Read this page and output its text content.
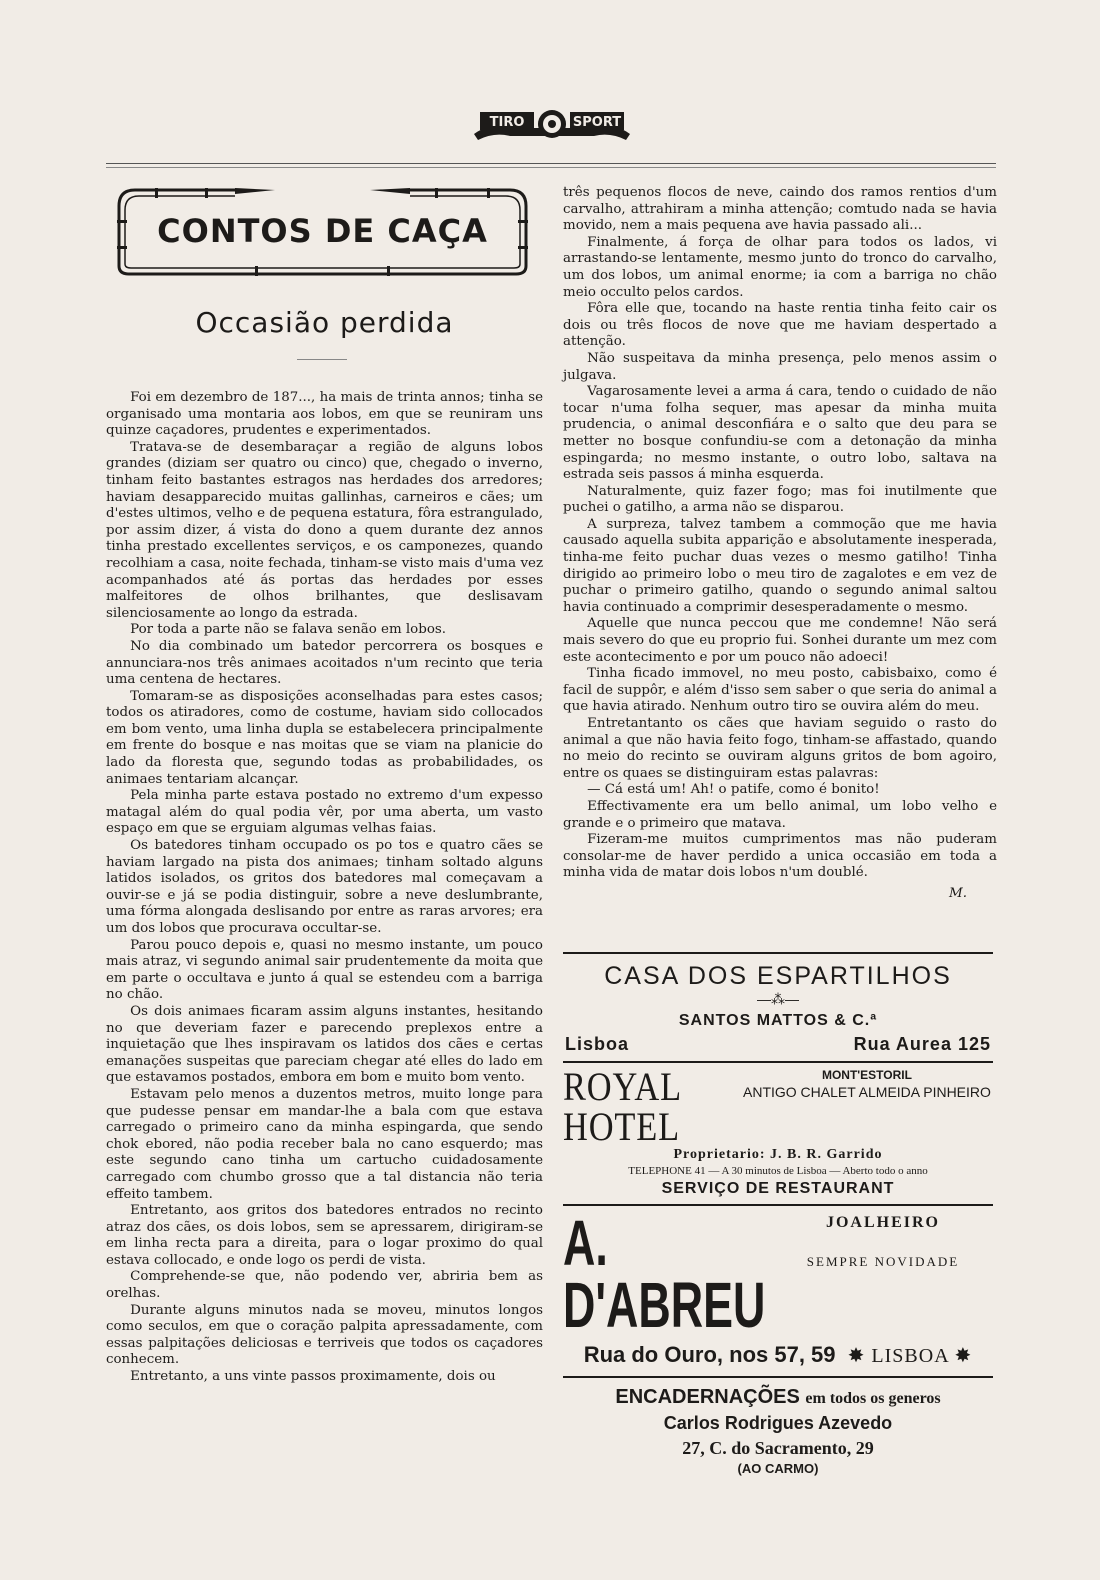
TIRO	SPORT
CONTOS DE CAÇA
Occasião perdida

Foi em dezembro de 187..., ha mais de trinta annos; tinha se organisado uma montaria aos lobos, em que se reuniram uns quinze caçadores, prudentes e experimentados.

Tratava-se de desembaraçar a região de alguns lobos grandes (diziam ser quatro ou cinco) que, chegado o inverno, tinham feito bastantes estragos nas herdades dos arredores; haviam desapparecido muitas gallinhas, carneiros e cães; um d'estes ultimos, velho e de pequena estatura, fôra estrangulado, por assim dizer, á vista do dono a quem durante dez annos tinha prestado excellentes serviços, e os camponezes, quando recolhiam a casa, noite fechada, tinham-se visto mais d'uma vez acompanhados até ás portas das herdades por esses malfeitores de olhos brilhantes, que deslisavam silenciosamente ao longo da estrada.

Por toda a parte não se falava senão em lobos.

No dia combinado um batedor percorrera os bosques e annunciara-nos três animaes acoitados n'um recinto que teria uma centena de hectares.

Tomaram-se as disposições aconselhadas para estes casos; todos os atiradores, como de costume, haviam sido collocados em bom vento, uma linha dupla se estabelecera principalmente em frente do bosque e nas moitas que se viam na planicie do lado da floresta que, segundo todas as probabilidades, os animaes tentariam alcançar.

Pela minha parte estava postado no extremo d'um expesso matagal além do qual podia vêr, por uma aberta, um vasto espaço em que se erguiam algumas velhas faias.

Os batedores tinham occupado os po tos e quatro cães se haviam largado na pista dos animaes; tinham soltado alguns latidos isolados, os gritos dos batedores mal começavam a ouvir-se e já se podia distinguir, sobre a neve deslumbrante, uma fórma alongada deslisando por entre as raras arvores; era um dos lobos que procurava occultar-se.

Parou pouco depois e, quasi no mesmo instante, um pouco mais atraz, vi segundo animal sair prudentemente da moita que em parte o occultava e junto á qual se estendeu com a barriga no chão.

Os dois animaes ficaram assim alguns instantes, hesitando no que deveriam fazer e parecendo preplexos entre a inquietação que lhes inspiravam os latidos dos cães e certas emanações suspeitas que pareciam chegar até elles do lado em que estavamos postados, embora em bom e muito bom vento.

Estavam pelo menos a duzentos metros, muito longe para que pudesse pensar em mandar-lhe a bala com que estava carregado o primeiro cano da minha espingarda, que sendo chok ebored, não podia receber bala no cano esquerdo; mas este segundo cano tinha um cartucho cuidadosamente carregado com chumbo grosso que a tal distancia não teria effeito tambem.

Entretanto, aos gritos dos batedores entrados no recinto atraz dos cães, os dois lobos, sem se apressarem, dirigiram-se em linha recta para a direita, para o logar proximo do qual estava collocado, e onde logo os perdi de vista.

Comprehende-se que, não podendo ver, abriria bem as orelhas.

Durante alguns minutos nada se moveu, minutos longos como seculos, em que o coração palpita apressadamente, com essas palpitações deliciosas e terriveis que todos os caçadores conhecem.

Entretanto, a uns vinte passos proximamente, dois ou

três pequenos flocos de neve, caindo dos ramos rentios d'um carvalho, attrahiram a minha attenção; comtudo nada se havia movido, nem a mais pequena ave havia passado ali...

Finalmente, á força de olhar para todos os lados, vi arrastando-se lentamente, mesmo junto do tronco do carvalho, um dos lobos, um animal enorme; ia com a barriga no chão meio occulto pelos cardos.

Fôra elle que, tocando na haste rentia tinha feito cair os dois ou três flocos de nove que me haviam despertado a attenção.

Não suspeitava da minha presença, pelo menos assim o julgava.

Vagarosamente levei a arma á cara, tendo o cuidado de não tocar n'uma folha sequer, mas apesar da minha muita prudencia, o animal desconfiára e o salto que deu para se metter no bosque confundiu-se com a detonação da minha espingarda; no mesmo instante, o outro lobo, saltava na estrada seis passos á minha esquerda.

Naturalmente, quiz fazer fogo; mas foi inutilmente que puchei o gatilho, a arma não se disparou.

A surpreza, talvez tambem a commoção que me havia causado aquella subita apparição e absolutamente inesperada, tinha-me feito puchar duas vezes o mesmo gatilho! Tinha dirigido ao primeiro lobo o meu tiro de zagalotes e em vez de puchar o primeiro gatilho, quando o segundo animal saltou havia continuado a comprimir desesperadamente o mesmo.

Aquelle que nunca peccou que me condemne! Não será mais severo do que eu proprio fui. Sonhei durante um mez com este acontecimento e por um pouco não adoeci!

Tinha ficado immovel, no meu posto, cabisbaixo, como é facil de suppôr, e além d'isso sem saber o que seria do animal a que havia atirado. Nenhum outro tiro se ouvira além do meu.

Entretantanto os cães que haviam seguido o rasto do animal a que não havia feito fogo, tinham-se affastado, quando no meio do recinto se ouviram alguns gritos de bom agoiro, entre os quaes se distinguiram estas palavras:

— Cá está um! Ah! o patife, como é bonito!

Effectivamente era um bello animal, um lobo velho e grande e o primeiro que matava.

Fizeram-me muitos cumprimentos mas não puderam consolar-me de haver perdido a unica occasião em toda a minha vida de matar dois lobos n'um doublé.

M.
CASA DOS ESPARTILHOS
—⁂—
SANTOS MATTOS & C.ª
Lisboa	Rua Aurea 125
ROYAL HOTEL
MONT'ESTORIL
ANTIGO CHALET ALMEIDA PINHEIRO
Proprietario: J. B. R. Garrido
TELEPHONE 41 — A 30 minutos de Lisboa — Aberto todo o anno
SERVIÇO DE RESTAURANT
A. D'ABREU
JOALHEIRO
SEMPRE NOVIDADE
Rua do Ouro, nos 57, 59  ✸ LISBOA ✸
ENCADERNAÇÕES em todos os generos
Carlos Rodrigues Azevedo
27, C. do Sacramento, 29
(AO CARMO)
